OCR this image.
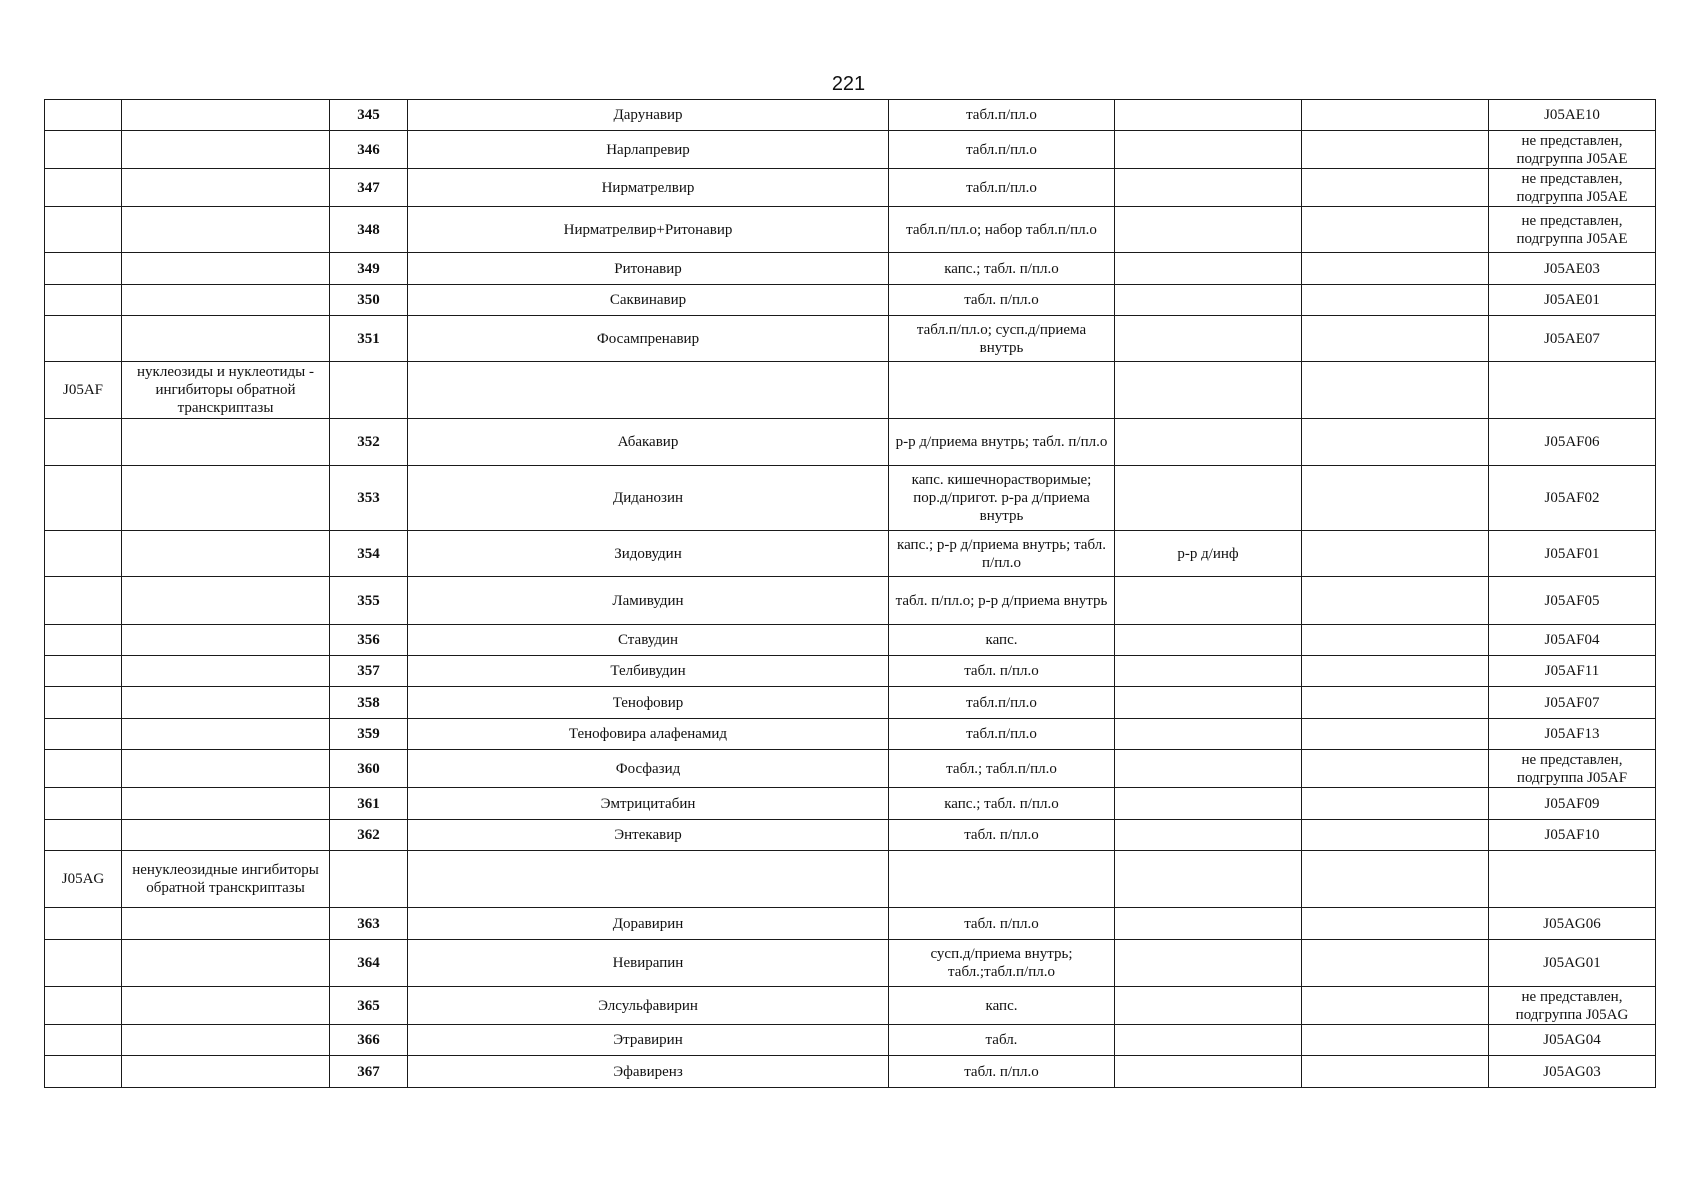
221
		345	Дарунавир	табл.п/пл.о			J05AE10
		346	Нарлапревир	табл.п/пл.о			не представлен, подгруппа J05AE
		347	Нирматрелвир	табл.п/пл.о			не представлен, подгруппа J05AE
		348	Нирматрелвир+Ритонавир	табл.п/пл.о; набор табл.п/пл.о			не представлен, подгруппа J05AE
		349	Ритонавир	капс.; табл. п/пл.о			J05AE03
		350	Саквинавир	табл. п/пл.о			J05AE01
		351	Фосампренавир	табл.п/пл.о; сусп.д/приема внутрь			J05AE07
J05AF	нуклеозиды и нуклеотиды - ингибиторы обратной транскриптазы						
		352	Абакавир	р-р д/приема внутрь; табл. п/пл.о			J05AF06
		353	Диданозин	капс. кишечнорастворимые; пор.д/пригот. р-ра д/приема внутрь			J05AF02
		354	Зидовудин	капс.; р-р д/приема внутрь; табл. п/пл.о	р-р д/инф		J05AF01
		355	Ламивудин	табл. п/пл.о; р-р д/приема внутрь			J05AF05
		356	Ставудин	капс.			J05AF04
		357	Телбивудин	табл. п/пл.о			J05AF11
		358	Тенофовир	табл.п/пл.о			J05AF07
		359	Тенофовира алафенамид	табл.п/пл.о			J05AF13
		360	Фосфазид	табл.; табл.п/пл.о			не представлен, подгруппа J05AF
		361	Эмтрицитабин	капс.; табл. п/пл.о			J05AF09
		362	Энтекавир	табл. п/пл.о			J05AF10
J05AG	ненуклеозидные ингибиторы обратной транскриптазы						
		363	Доравирин	табл. п/пл.о			J05AG06
		364	Невирапин	сусп.д/приема внутрь; табл.;табл.п/пл.о			J05AG01
		365	Элсульфавирин	капс.			не представлен, подгруппа J05AG
		366	Этравирин	табл.			J05AG04
		367	Эфавиренз	табл. п/пл.о			J05AG03
